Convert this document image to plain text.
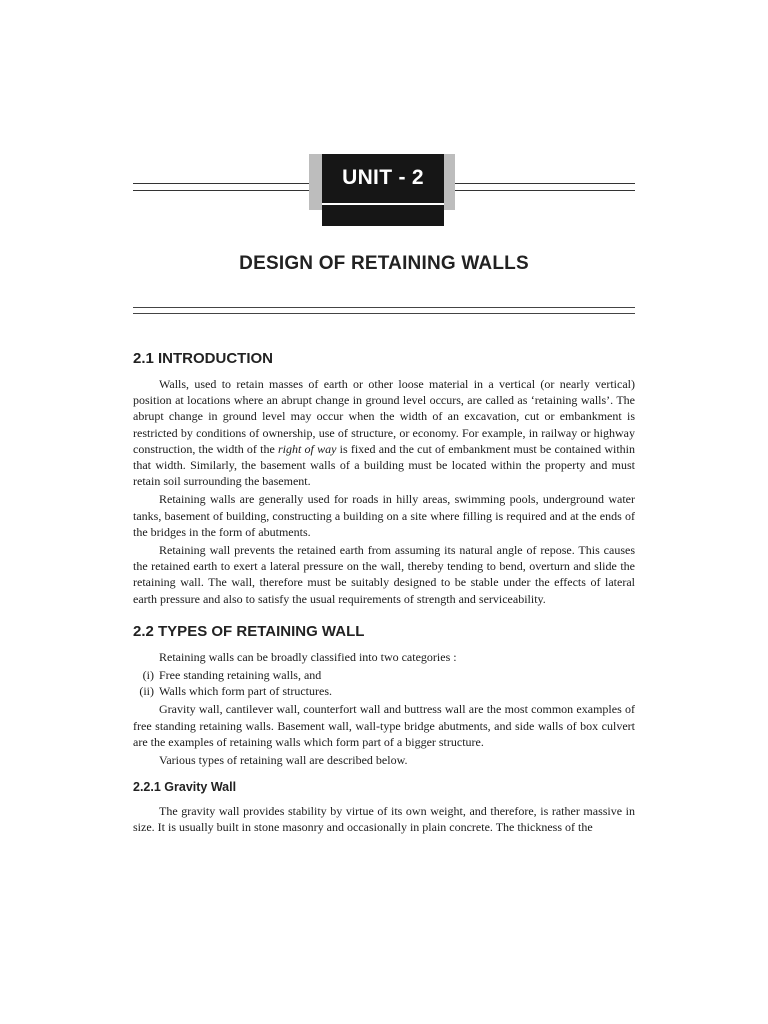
UNIT - 2
DESIGN OF RETAINING WALLS
2.1 INTRODUCTION

Walls, used to retain masses of earth or other loose material in a vertical (or nearly vertical) position at locations where an abrupt change in ground level occurs, are called as ‘retaining walls’. The abrupt change in ground level may occur when the width of an excavation, cut or embankment is restricted by conditions of ownership, use of structure, or economy. For example, in railway or highway construction, the width of the right of way is fixed and the cut of embankment must be contained within that width. Similarly, the basement walls of a building must be located within the property and must retain soil surrounding the basement.

Retaining walls are generally used for roads in hilly areas, swimming pools, underground water tanks, basement of building, constructing a building on a site where filling is required and at the ends of the bridges in the form of abutments.

Retaining wall prevents the retained earth from assuming its natural angle of repose. This causes the retained earth to exert a lateral pressure on the wall, thereby tending to bend, overturn and slide the retaining wall. The wall, therefore must be suitably designed to be stable under the effects of lateral earth pressure and also to satisfy the usual requirements of strength and serviceability.

2.2 TYPES OF RETAINING WALL

Retaining walls can be broadly classified into two categories :

(i) Free standing retaining walls, and
(ii) Walls which form part of structures.

Gravity wall, cantilever wall, counterfort wall and buttress wall are the most common examples of free standing retaining walls. Basement wall, wall-type bridge abutments, and side walls of box culvert are the examples of retaining walls which form part of a bigger structure.

Various types of retaining wall are described below.

2.2.1 Gravity Wall

The gravity wall provides stability by virtue of its own weight, and therefore, is rather massive in size. It is usually built in stone masonry and occasionally in plain concrete. The thickness of the
